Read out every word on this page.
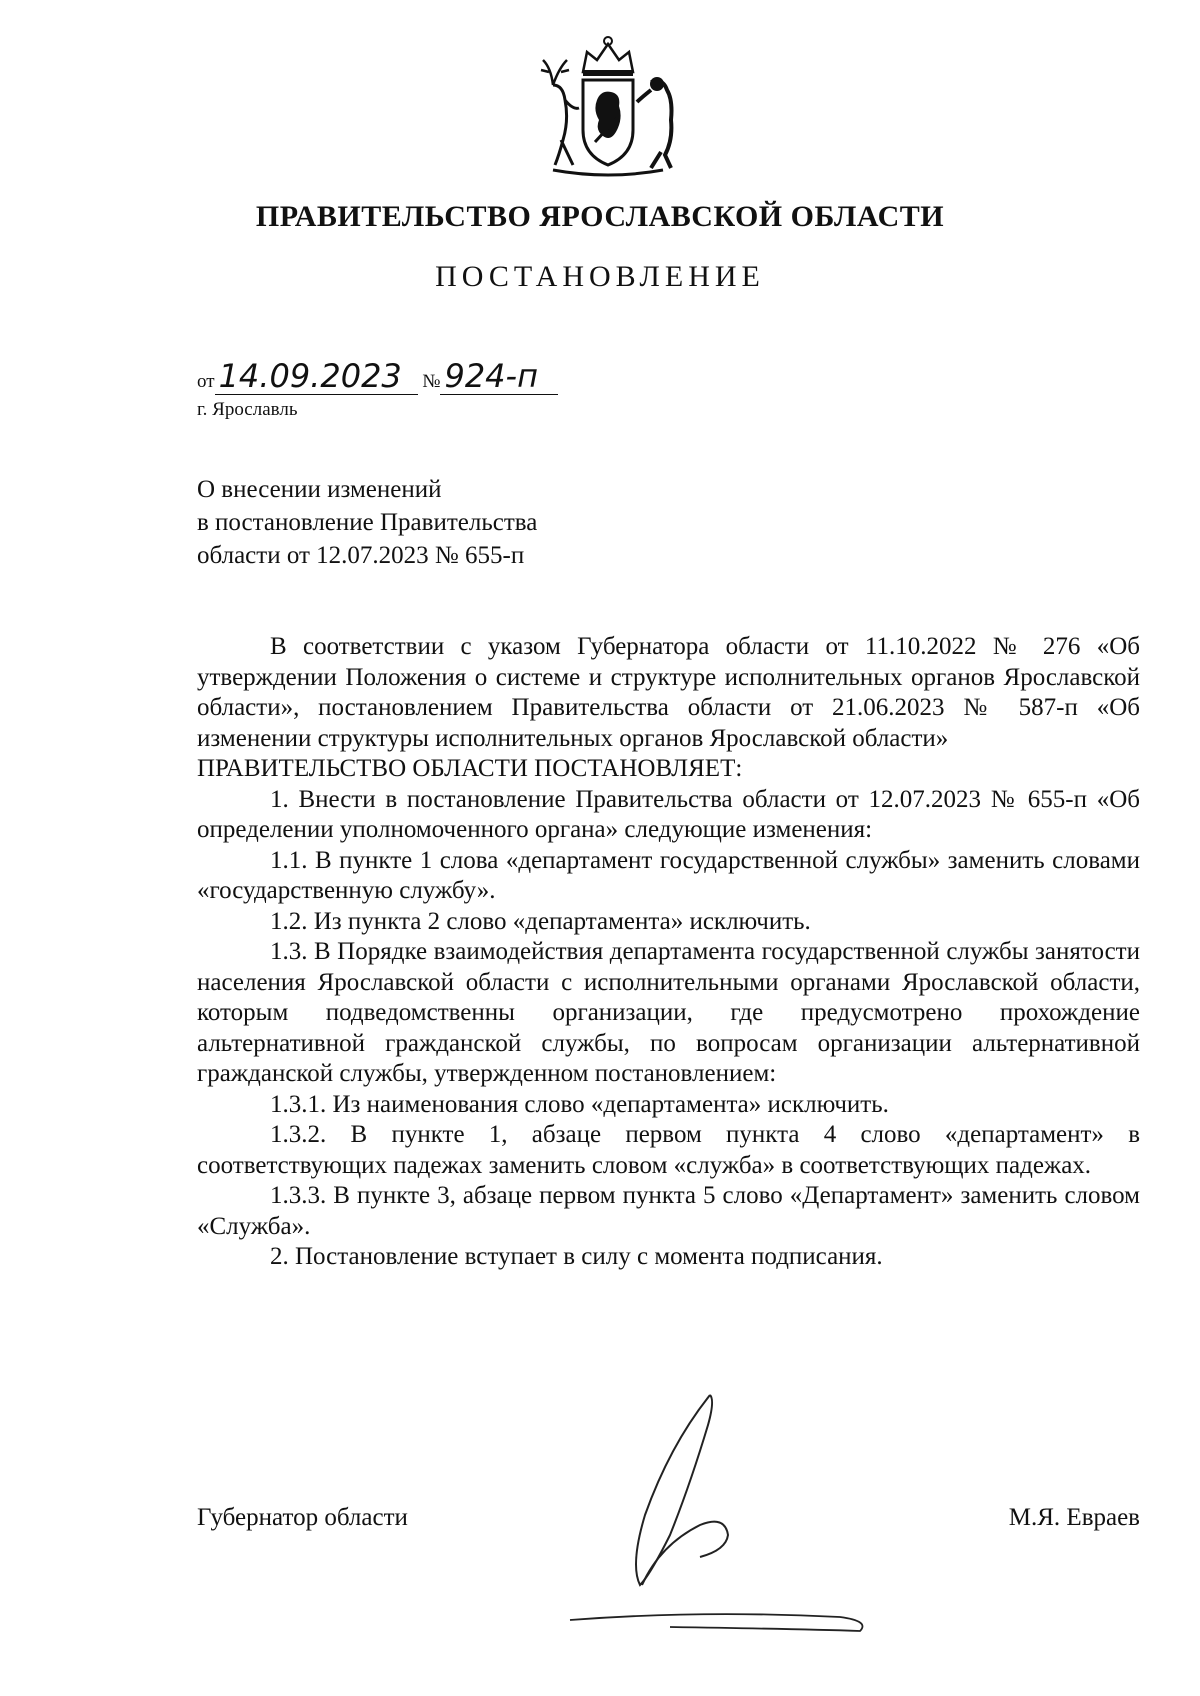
ПРАВИТЕЛЬСТВО ЯРОСЛАВСКОЙ ОБЛАСТИ
ПОСТАНОВЛЕНИЕ
от 14.09.2023 № 924-п
г. Ярославль
О внесении изменений
в постановление Правительства
области от 12.07.2023 № 655-п

В соответствии с указом Губернатора области от 11.10.2022 № 276 «Об утверждении Положения о системе и структуре исполнительных органов Ярославской области», постановлением Правительства области от 21.06.2023 № 587-п «Об изменении структуры исполнительных органов Ярославской области»

ПРАВИТЕЛЬСТВО ОБЛАСТИ ПОСТАНОВЛЯЕТ:

1. Внести в постановление Правительства области от 12.07.2023 № 655-п «Об определении уполномоченного органа» следующие изменения:

1.1. В пункте 1 слова «департамент государственной службы» заменить словами «государственную службу».

1.2. Из пункта 2 слово «департамента» исключить.

1.3. В Порядке взаимодействия департамента государственной службы занятости населения Ярославской области с исполнительными органами Ярославской области, которым подведомственны организации, где предусмотрено прохождение альтернативной гражданской службы, по вопросам организации альтернативной гражданской службы, утвержденном постановлением:

1.3.1. Из наименования слово «департамента» исключить.

1.3.2. В пункте 1, абзаце первом пункта 4 слово «департамент» в соответствующих падежах заменить словом «служба» в соответствующих падежах.

1.3.3. В пункте 3, абзаце первом пункта 5 слово «Департамент» заменить словом «Служба».

2. Постановление вступает в силу с момента подписания.

Губернатор области	М.Я. Евраев
